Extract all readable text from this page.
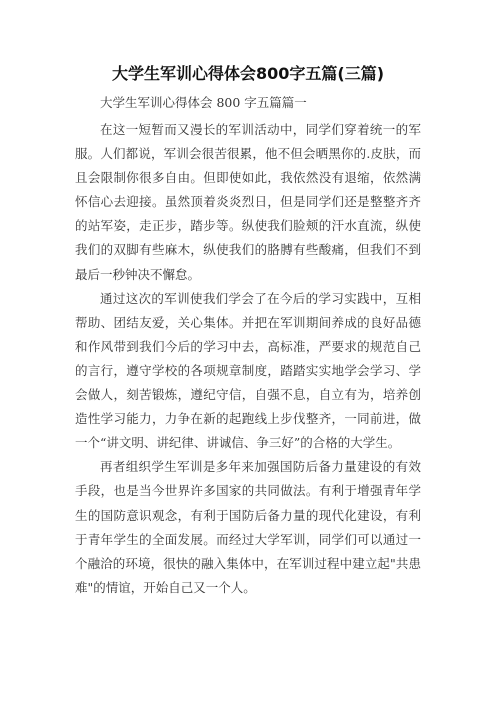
大学生军训心得体会800字五篇(三篇)
大学生军训心得体会 800 字五篇篇一

在这一短暂而又漫长的军训活动中，同学们穿着统一的军服。人们都说，军训会很苦很累，他不但会晒黑你的.皮肤，而且会限制你很多自由。但即使如此，我依然没有退缩，依然满怀信心去迎接。虽然顶着炎炎烈日，但是同学们还是整整齐齐的站军姿，走正步，踏步等。纵使我们脸颊的汗水直流，纵使我们的双脚有些麻木，纵使我们的胳膊有些酸痛，但我们不到最后一秒钟决不懈怠。

通过这次的军训使我们学会了在今后的学习实践中，互相帮助、团结友爱，关心集体。并把在军训期间养成的良好品德和作风带到我们今后的学习中去，高标准，严要求的规范自己的言行，遵守学校的各项规章制度，踏踏实实地学会学习、学会做人，刻苦锻炼，遵纪守信，自强不息，自立有为，培养创造性学习能力，力争在新的起跑线上步伐整齐，一同前进，做一个“讲文明、讲纪律、讲诚信、争三好”的合格的大学生。

再者组织学生军训是多年来加强国防后备力量建设的有效手段，也是当今世界许多国家的共同做法。有利于增强青年学生的国防意识观念，有利于国防后备力量的现代化建设，有利于青年学生的全面发展。而经过大学军训，同学们可以通过一个融洽的环境，很快的融入集体中，在军训过程中建立起"共患难"的情谊，开始自己又一个人。
